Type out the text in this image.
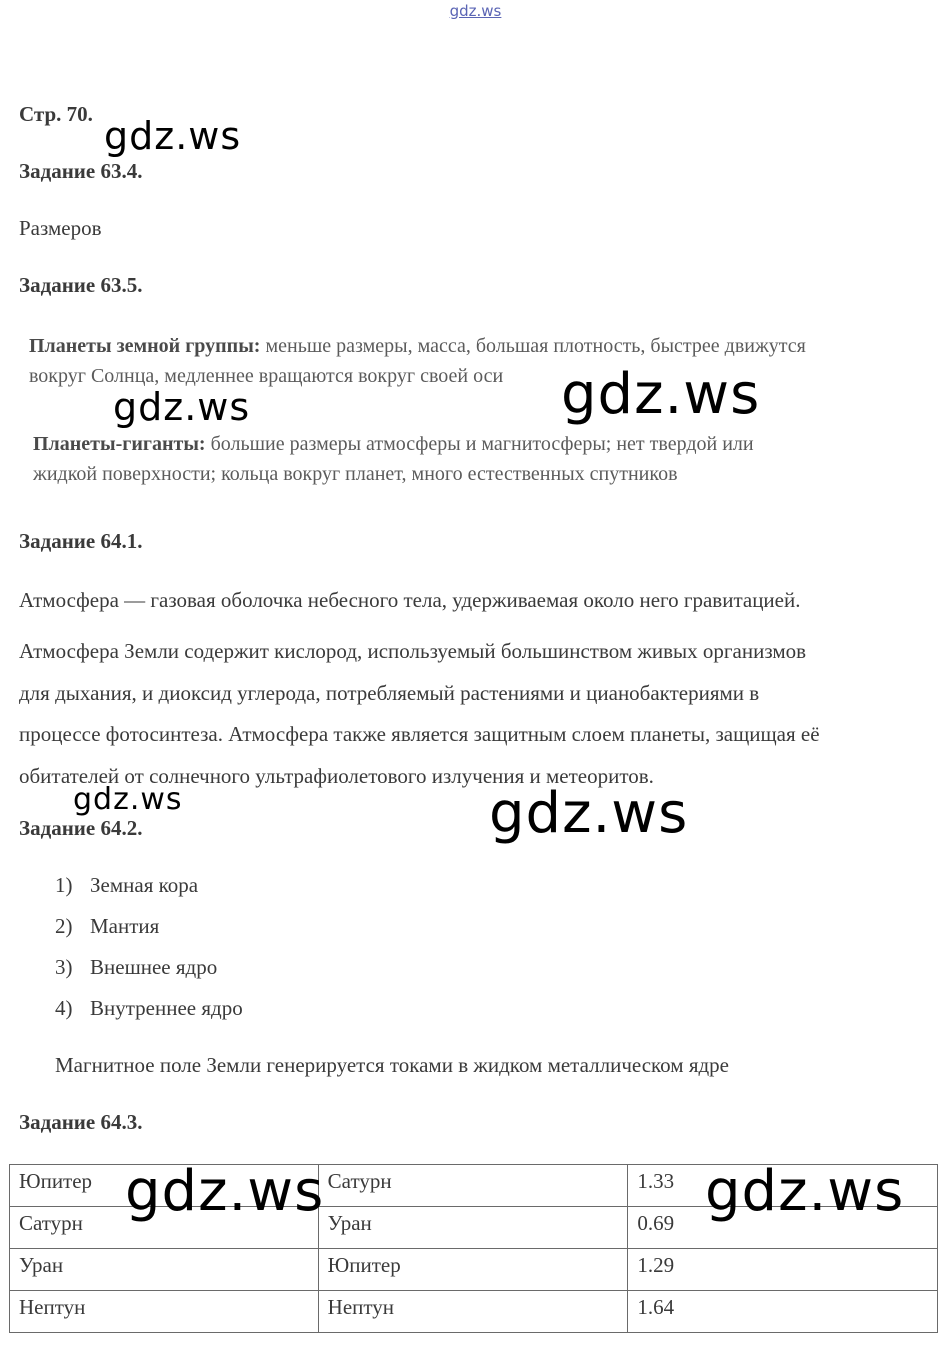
gdz.ws
Стр. 70.
Задание 63.4.
Размеров
Задание 63.5.
Планеты земной группы: меньше размеры, масса, большая плотность, быстрее движутся
вокруг Солнца, медленнее вращаются вокруг своей оси
Планеты-гиганты: большие размеры атмосферы и магнитосферы; нет твердой или
жидкой поверхности; кольца вокруг планет, много естественных спутников
Задание 64.1.
Атмосфера — газовая оболочка небесного тела, удерживаемая около него гравитацией.
Атмосфера Земли содержит кислород, используемый большинством живых организмов
для дыхания, и диоксид углерода, потребляемый растениями и цианобактериями в
процессе фотосинтеза. Атмосфера также является защитным слоем планеты, защищая её
обитателей от солнечного ультрафиолетового излучения и метеоритов.
Задание 64.2.
1) Земная кора
2) Мантия
3) Внешнее ядро
4) Внутреннее ядро
Магнитное поле Земли генерируется токами в жидком металлическом ядре
Задание 64.3.
Юпитер	Сатурн	1.33
Сатурн	Уран	0.69
Уран	Юпитер	1.29
Нептун	Нептун	1.64
gdz.ws
gdz.ws	gdz.ws
gdz.ws	gdz.ws
gdz.ws	gdz.ws
